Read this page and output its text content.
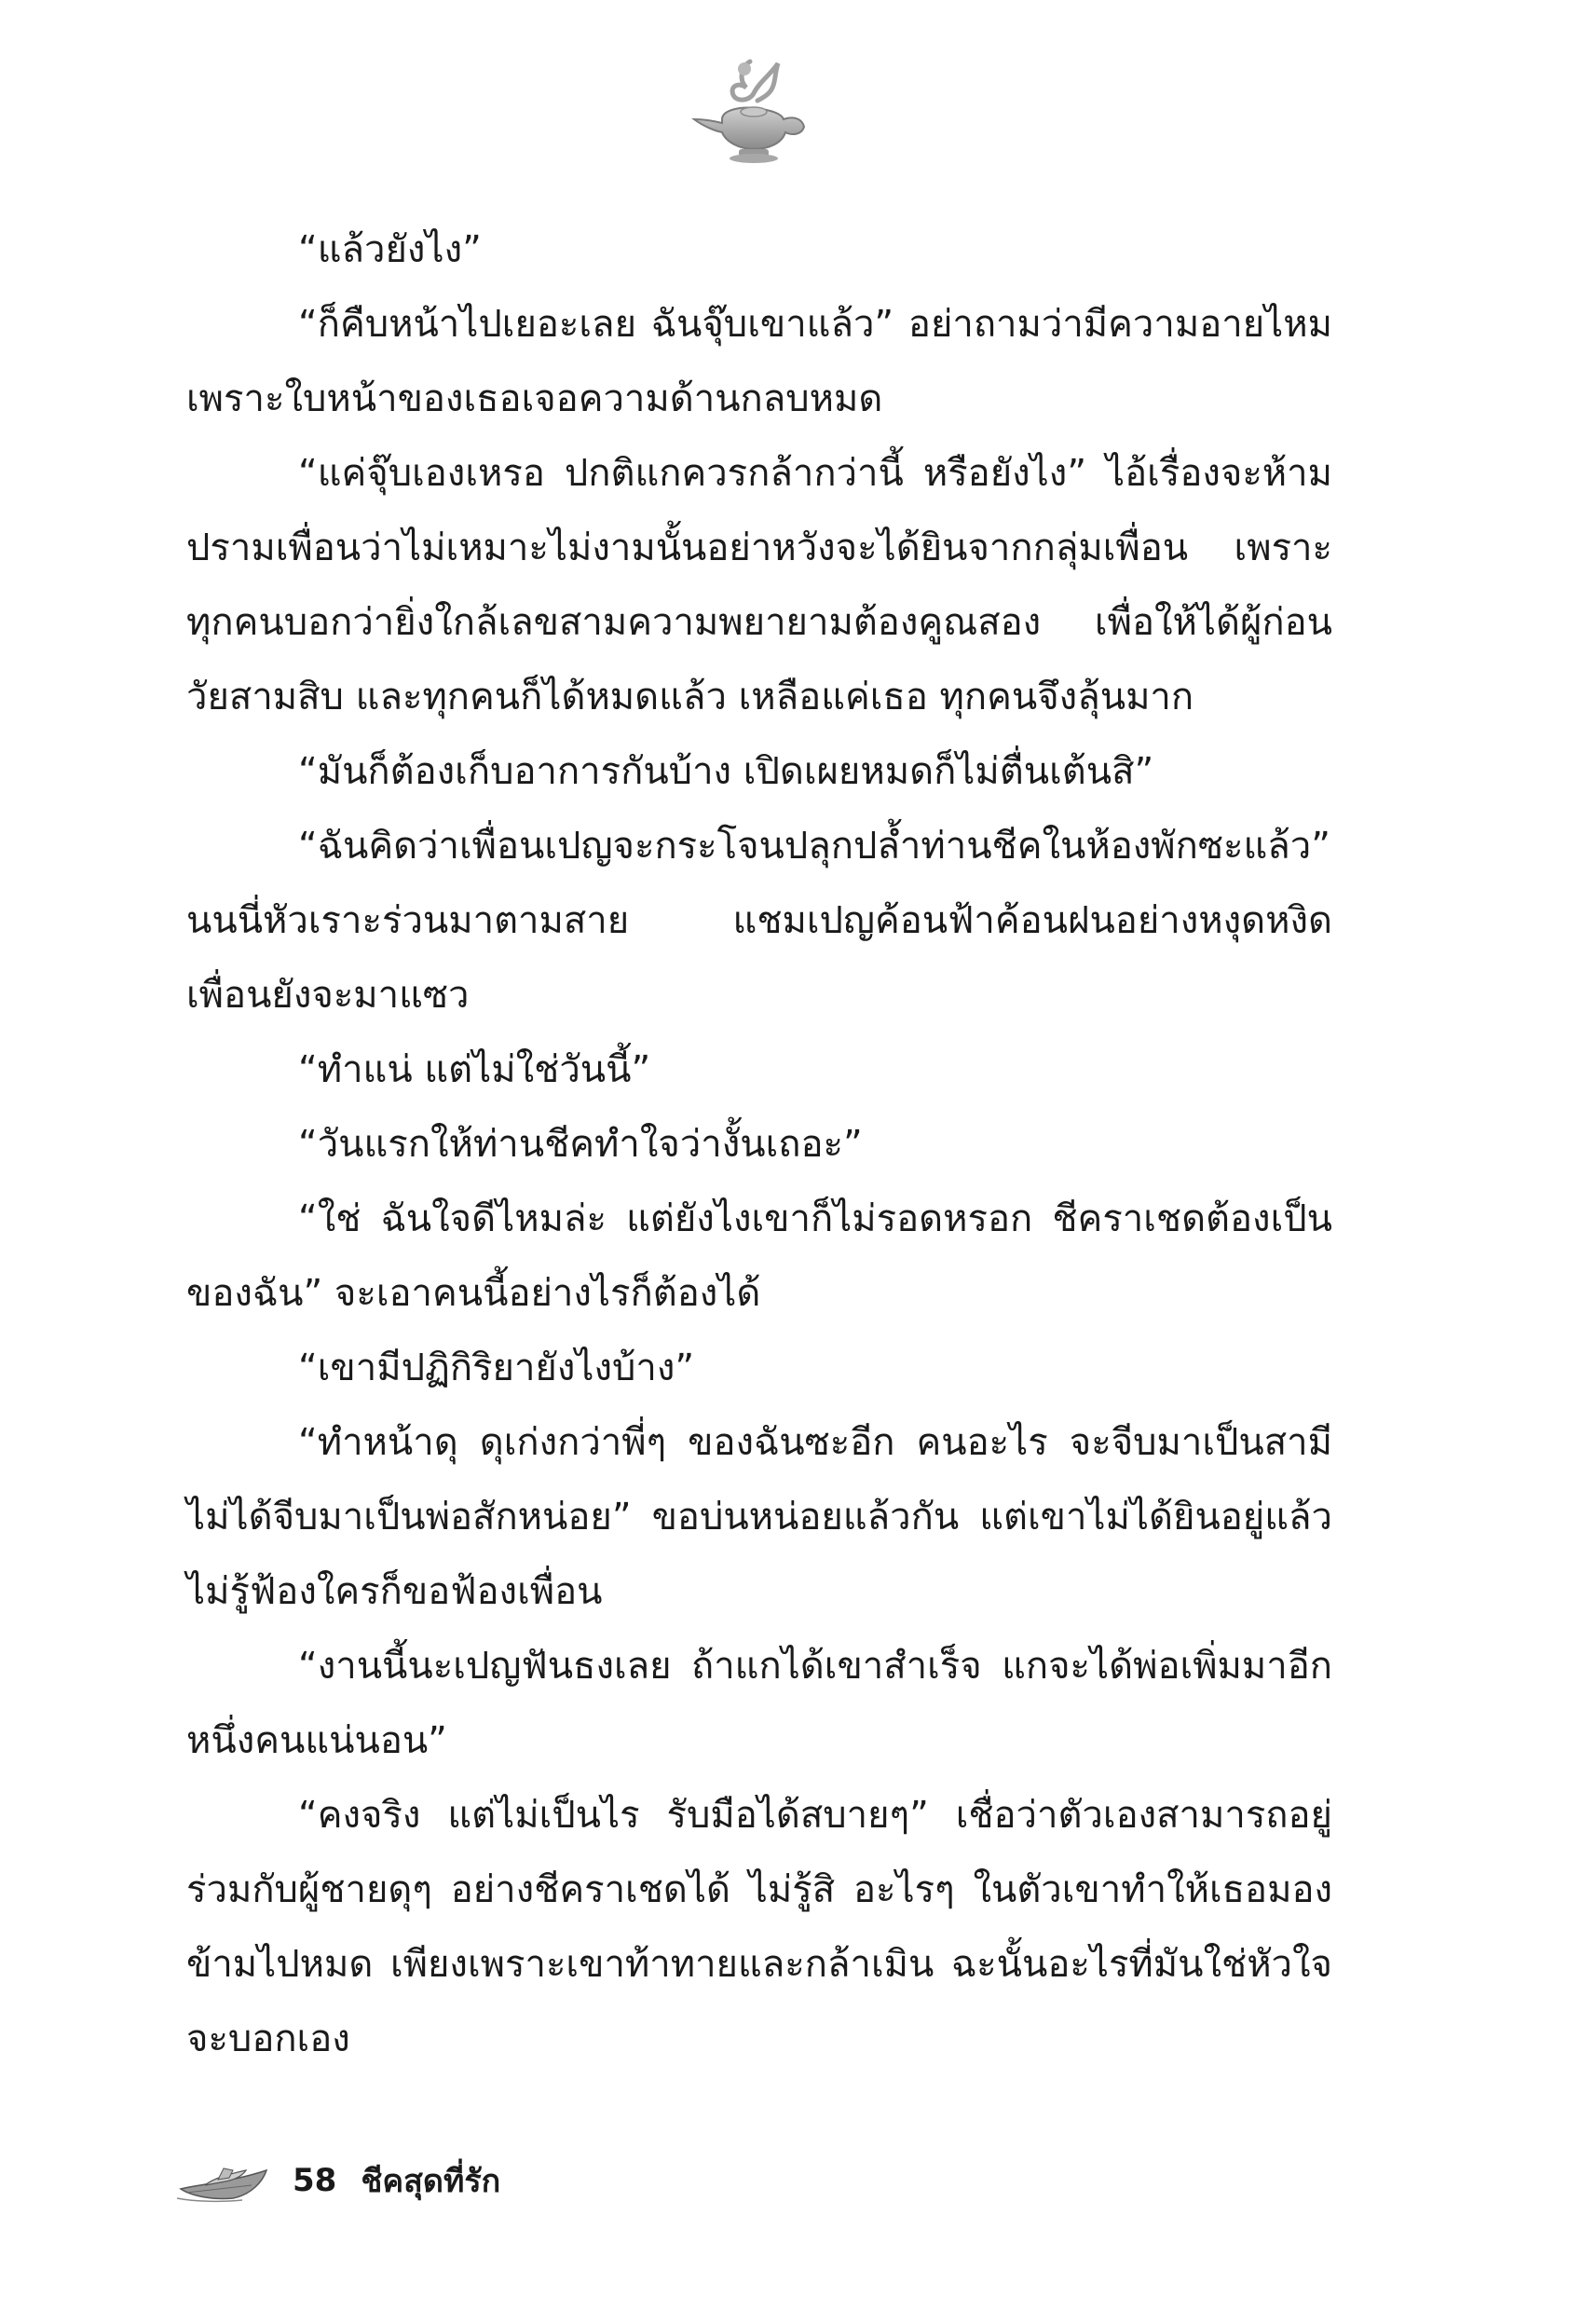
“แล้วยังไง”

“ก็คืบหน้าไปเยอะเลย ฉันจุ๊บเขาแล้ว” อย่าถามว่ามีความอายไหม เพราะใบหน้าของเธอเจอความด้านกลบหมด

“แค่จุ๊บเองเหรอ ปกติแกควรกล้ากว่านี้ หรือยังไง” ไอ้เรื่องจะห้ามปรามเพื่อนว่าไม่เหมาะไม่งามนั้นอย่าหวังจะได้ยินจากกลุ่มเพื่อน เพราะทุกคนบอกว่ายิ่งใกล้เลขสามความพยายามต้องคูณสอง เพื่อให้ได้ผู้ก่อนวัยสามสิบ และทุกคนก็ได้หมดแล้ว เหลือแค่เธอ ทุกคนจึงลุ้นมาก

“มันก็ต้องเก็บอาการกันบ้าง เปิดเผยหมดก็ไม่ตื่นเต้นสิ”

“ฉันคิดว่าเพื่อนเปญจะกระโจนปลุกปล้ำท่านชีคในห้องพักซะแล้ว” นนนี่หัวเราะร่วนมาตามสาย แชมเปญค้อนฟ้าค้อนฝนอย่างหงุดหงิด เพื่อนยังจะมาแซว

“ทำแน่ แต่ไม่ใช่วันนี้”

“วันแรกให้ท่านชีคทำใจว่างั้นเถอะ”

“ใช่ ฉันใจดีไหมล่ะ แต่ยังไงเขาก็ไม่รอดหรอก ชีคราเชดต้องเป็นของฉัน” จะเอาคนนี้อย่างไรก็ต้องได้

“เขามีปฏิกิริยายังไงบ้าง”

“ทำหน้าดุ ดุเก่งกว่าพี่ๆ ของฉันซะอีก คนอะไร จะจีบมาเป็นสามีไม่ได้จีบมาเป็นพ่อสักหน่อย” ขอบ่นหน่อยแล้วกัน แต่เขาไม่ได้ยินอยู่แล้ว ไม่รู้ฟ้องใครก็ขอฟ้องเพื่อน

“งานนี้นะเปญฟันธงเลย ถ้าแกได้เขาสำเร็จ แกจะได้พ่อเพิ่มมาอีกหนึ่งคนแน่นอน”

“คงจริง แต่ไม่เป็นไร รับมือได้สบายๆ” เชื่อว่าตัวเองสามารถอยู่ร่วมกับผู้ชายดุๆ อย่างชีคราเชดได้ ไม่รู้สิ อะไรๆ ในตัวเขาทำให้เธอมองข้ามไปหมด เพียงเพราะเขาท้าทายและกล้าเมิน ฉะนั้นอะไรที่มันใช่หัวใจจะบอกเอง

58 ชีคสุดที่รัก
